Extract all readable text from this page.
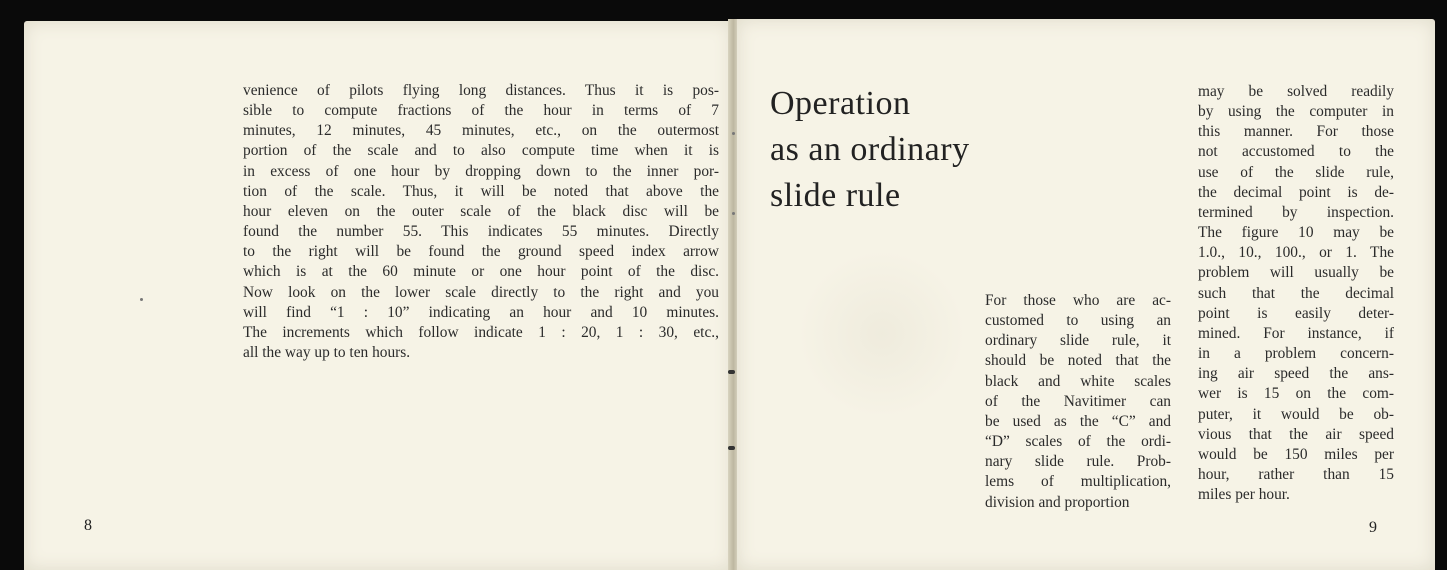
venience of pilots flying long distances. Thus it is pos-
sible to compute fractions of the hour in terms of 7
minutes, 12 minutes, 45 minutes, etc., on the outermost
portion of the scale and to also compute time when it is
in excess of one hour by dropping down to the inner por-
tion of the scale. Thus, it will be noted that above the
hour eleven on the outer scale of the black disc will be
found the number 55. This indicates 55 minutes. Directly
to the right will be found the ground speed index arrow
which is at the 60 minute or one hour point of the disc.
Now look on the lower scale directly to the right and you
will find “1 : 10” indicating an hour and 10 minutes.
The increments which follow indicate 1 : 20, 1 : 30, etc.,
all the way up to ten hours.
8
Operation
as an ordinary
slide rule
For those who are ac-
customed to using an
ordinary slide rule, it
should be noted that the
black and white scales
of the Navitimer can
be used as the “C” and
“D” scales of the ordi-
nary slide rule. Prob-
lems of multiplication,
division and proportion
may be solved readily
by using the computer in
this manner. For those
not accustomed to the
use of the slide rule,
the decimal point is de-
termined by inspection.
The figure 10 may be
1.0., 10., 100., or 1. The
problem will usually be
such that the decimal
point is easily deter-
mined. For instance, if
in a problem concern-
ing air speed the ans-
wer is 15 on the com-
puter, it would be ob-
vious that the air speed
would be 150 miles per
hour, rather than 15
miles per hour.
9
